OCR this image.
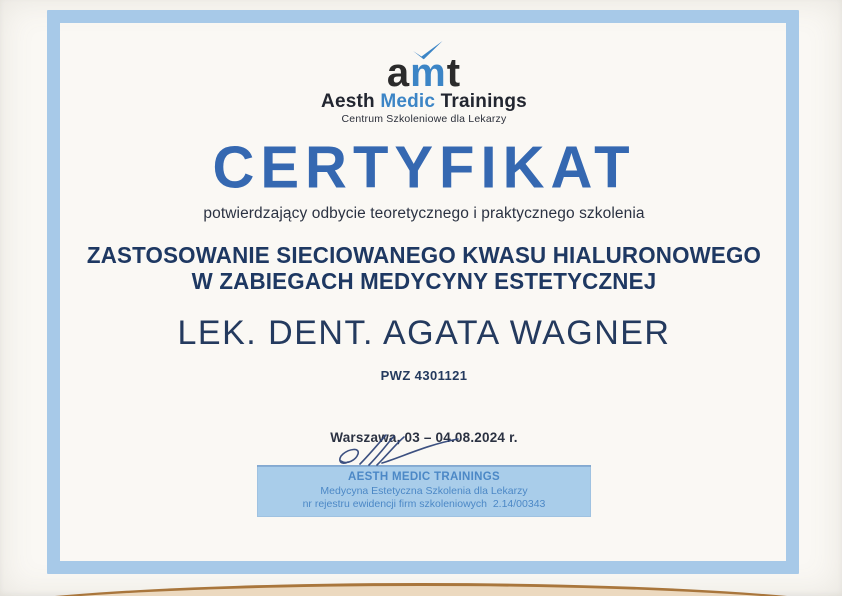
amt
Aesth Medic Trainings
Centrum Szkoleniowe dla Lekarzy
CERTYFIKAT
potwierdzający odbycie teoretycznego i praktycznego szkolenia
ZASTOSOWANIE SIECIOWANEGO KWASU HIALURONOWEGO
W ZABIEGACH MEDYCYNY ESTETYCZNEJ
LEK. DENT. AGATA WAGNER
PWZ 4301121
Warszawa, 03 – 04.08.2024 r.
AESTH MEDIC TRAININGS
Medycyna Estetyczna Szkolenia dla Lekarzy
nr rejestru ewidencji firm szkoleniowych  2.14/00343
